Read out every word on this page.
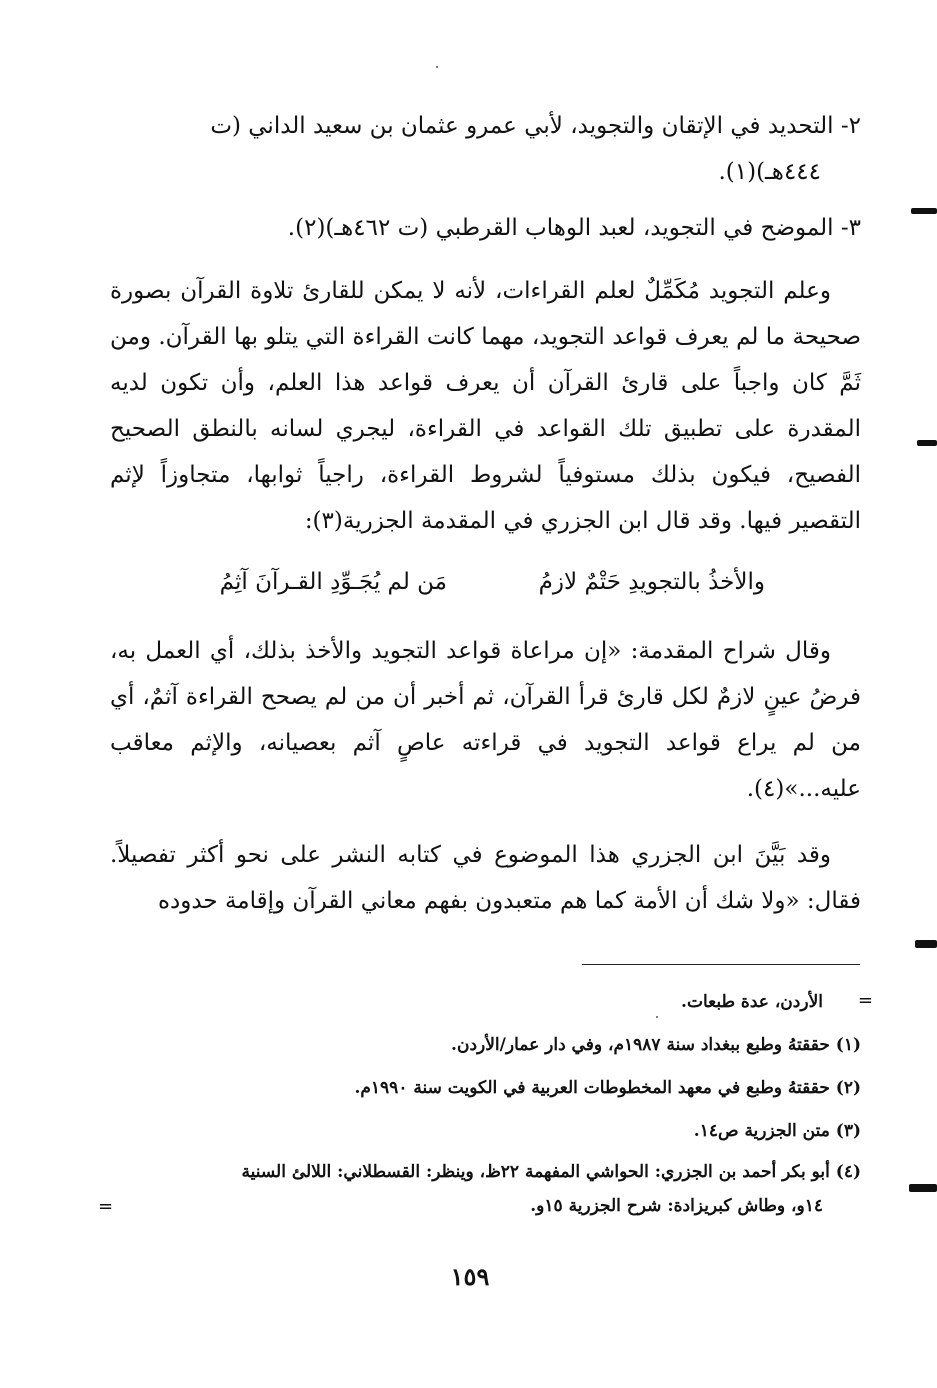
٢- التحديد في الإتقان والتجويد، لأبي عمرو عثمان بن سعيد الداني (ت
٤٤٤هـ)(١).
٣- الموضح في التجويد، لعبد الوهاب القرطبي (ت ٤٦٢هـ)(٢).

وعلم التجويد مُكَمِّلٌ لعلم القراءات، لأنه لا يمكن للقارئ تلاوة القرآن بصورة صحيحة ما لم يعرف قواعد التجويد، مهما كانت القراءة التي يتلو بها القرآن. ومن ثَمَّ كان واجباً على قارئ القرآن أن يعرف قواعد هذا العلم، وأن تكون لديه المقدرة على تطبيق تلك القواعد في القراءة، ليجري لسانه بالنطق الصحيح الفصيح، فيكون بذلك مستوفياً لشروط القراءة، راجياً ثوابها، متجاوزاً لإثم التقصير فيها. وقد قال ابن الجزري في المقدمة الجزرية(٣):

والأخذُ بالتجويدِ حَتْمٌ لازمُ
مَن لم يُجَـوِّدِ القـرآنَ آثِمُ

وقال شراح المقدمة: «إن مراعاة قواعد التجويد والأخذ بذلك، أي العمل به، فرضُ عينٍ لازمٌ لكل قارئ قرأ القرآن، ثم أخبر أن من لم يصحح القراءة آثمٌ، أي من لم يراع قواعد التجويد في قراءته عاصٍ آثم بعصيانه، والإثم معاقب عليه...»(٤).

وقد بَيَّنَ ابن الجزري هذا الموضوع في كتابه النشر على نحو أكثر تفصيلاً. فقال: «ولا شك أن الأمة كما هم متعبدون بفهم معاني القرآن وإقامة حدوده

=

الأردن، عدة طبعات.

(١) حققتهُ وطبع ببغداد سنة ١٩٨٧م، وفي دار عمار/الأردن.

(٢) حققتهُ وطبع في معهد المخطوطات العربية في الكويت سنة ١٩٩٠م.

(٣) متن الجزرية ص١٤.

(٤) أبو بكر أحمد بن الجزري: الحواشي المفهمة ٢٢ظ، وينظر: القسطلاني: اللالئ السنية
١٤و، وطاش كبريزادة: شرح الجزرية ١٥و.
=
١٥٩
